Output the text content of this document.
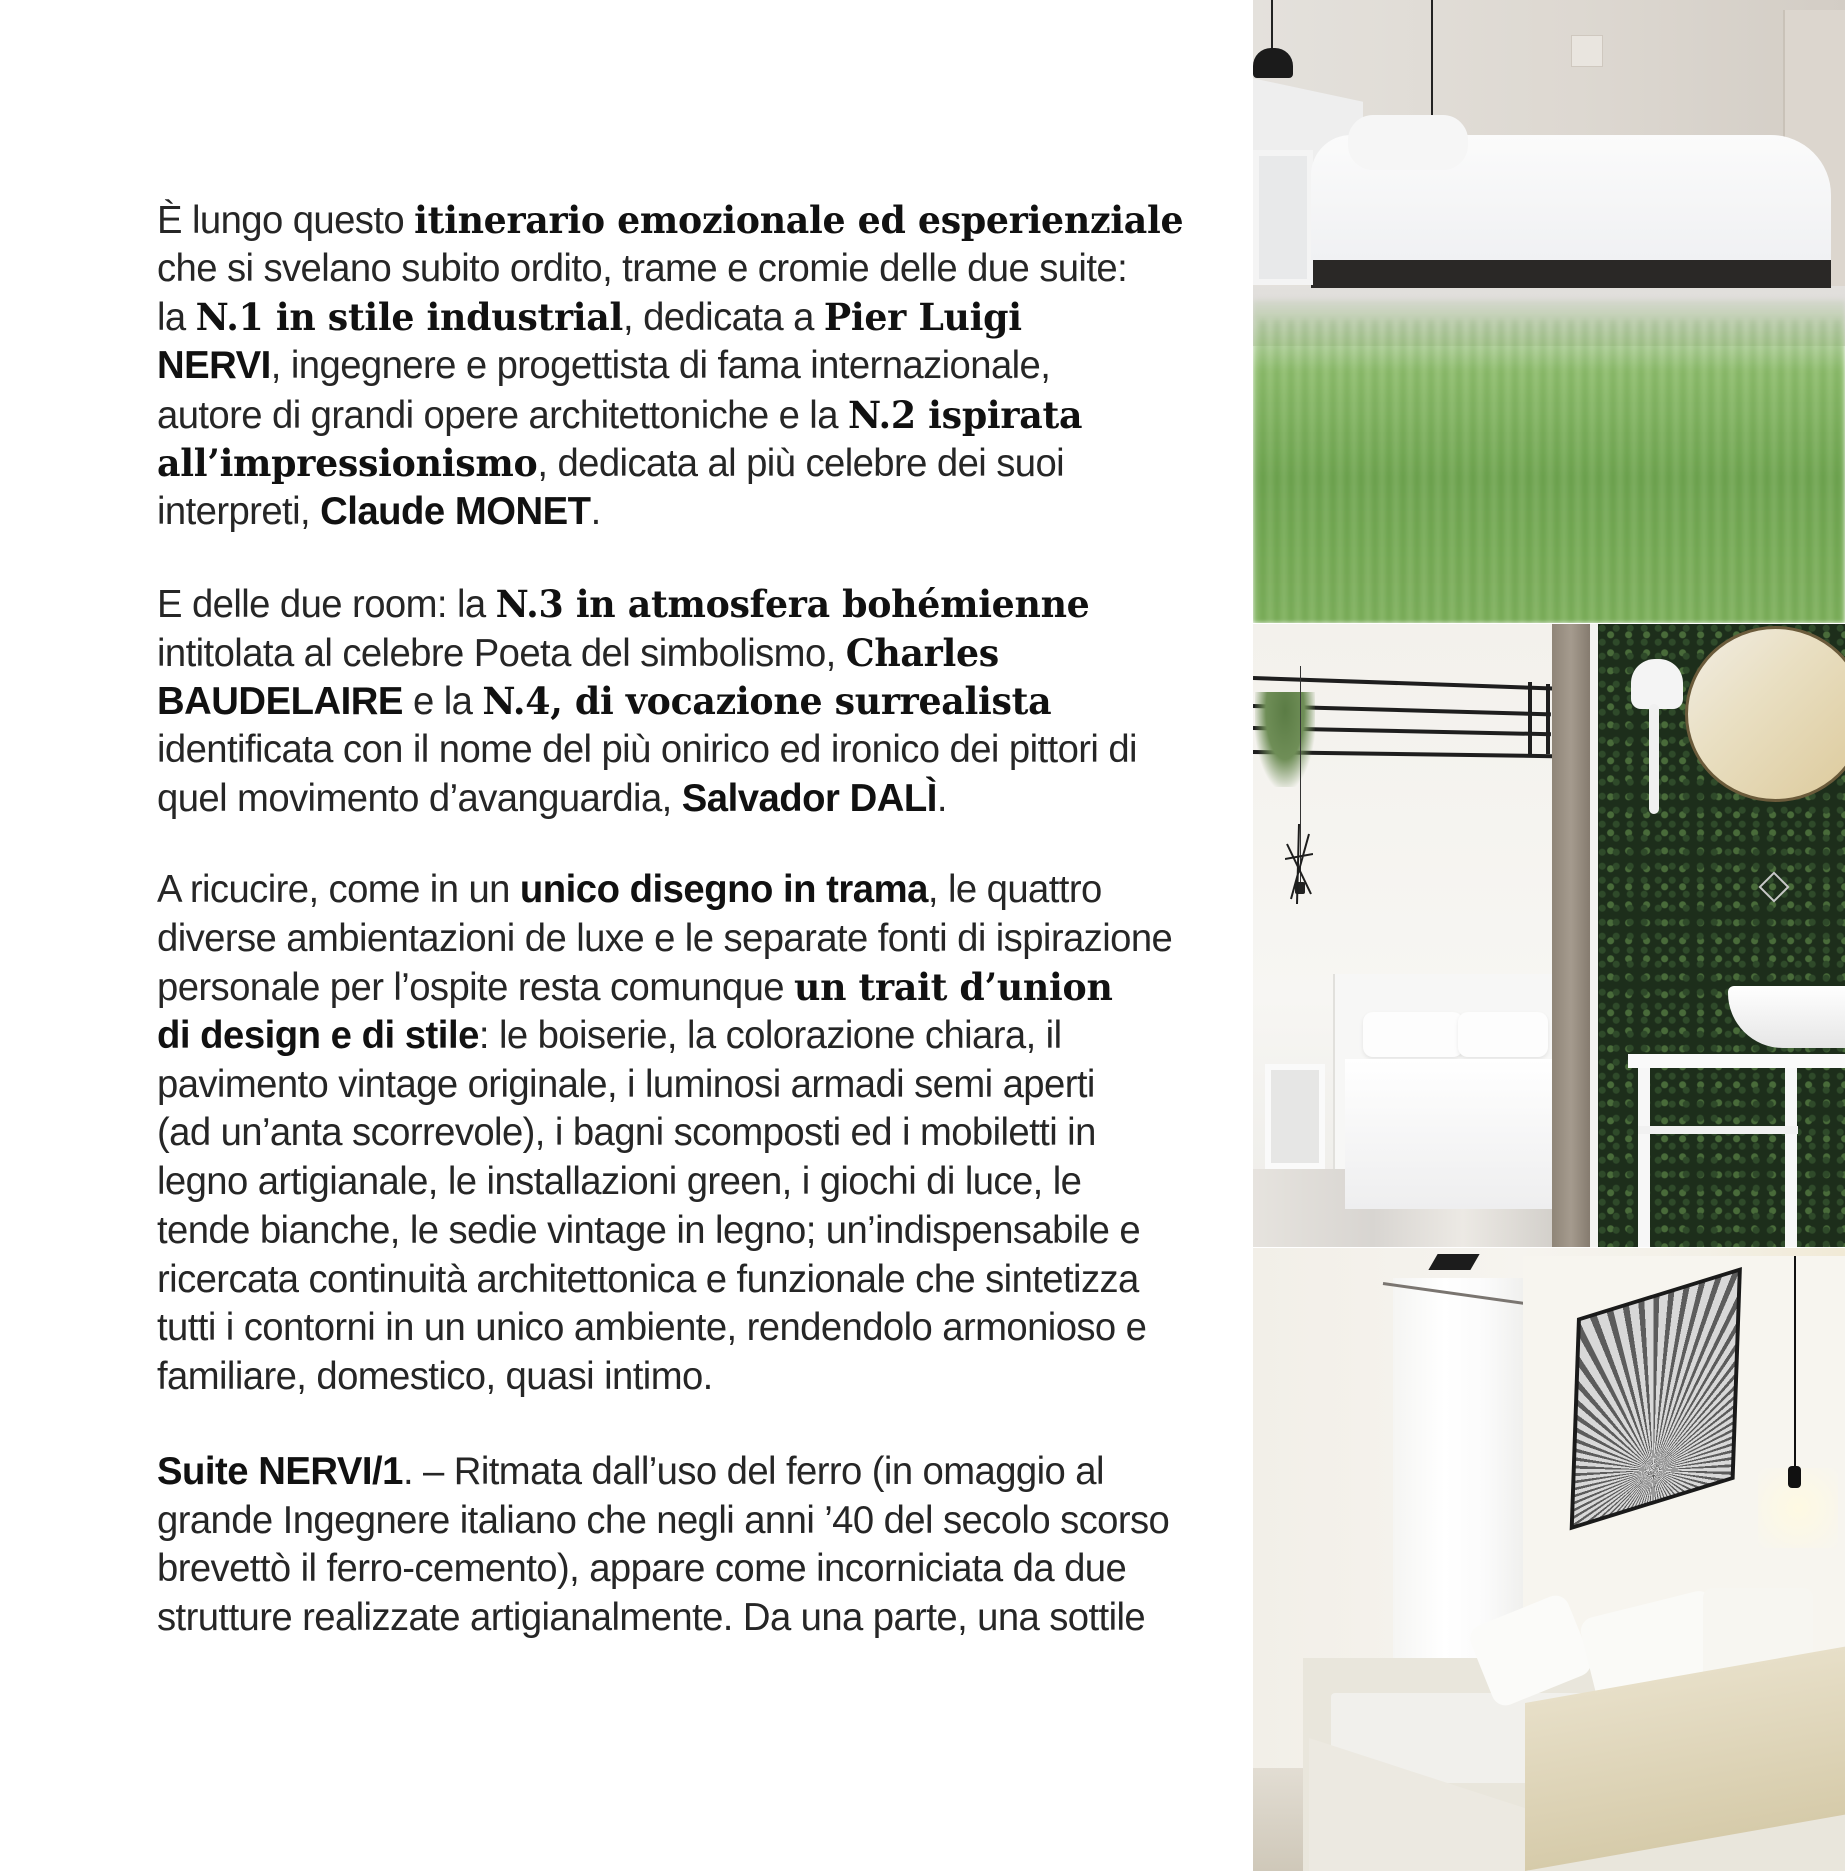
È lungo questo itinerario emozionale ed esperienziale
che si svelano subito ordito, trame e cromie delle due suite:
la N.1 in stile industrial, dedicata a Pier Luigi
NERVI, ingegnere e progettista di fama internazionale,
autore di grandi opere architettoniche e la N.2 ispirata
all’impressionismo, dedicata al più celebre dei suoi
interpreti, Claude MONET.
E delle due room: la N.3 in atmosfera bohémienne
intitolata al celebre Poeta del simbolismo, Charles
BAUDELAIRE e la N.4, di vocazione surrealista
identificata con il nome del più onirico ed ironico dei pittori di
quel movimento d’avanguardia, Salvador DALÌ.
A ricucire, come in un unico disegno in trama, le quattro
diverse ambientazioni de luxe e le separate fonti di ispirazione
personale per l’ospite resta comunque un trait d’union
di design e di stile: le boiserie, la colorazione chiara, il
pavimento vintage originale, i luminosi armadi semi aperti
(ad un’anta scorrevole), i bagni scomposti ed i mobiletti in
legno artigianale, le installazioni green, i giochi di luce, le
tende bianche, le sedie vintage in legno; un’indispensabile e
ricercata continuità architettonica e funzionale che sintetizza
tutti i contorni in un unico ambiente, rendendolo armonioso e
familiare, domestico, quasi intimo.
Suite NERVI/1. – Ritmata dall’uso del ferro (in omaggio al
grande Ingegnere italiano che negli anni ’40 del secolo scorso
brevettò il ferro-cemento), appare come incorniciata da due
strutture realizzate artigianalmente. Da una parte, una sottile
